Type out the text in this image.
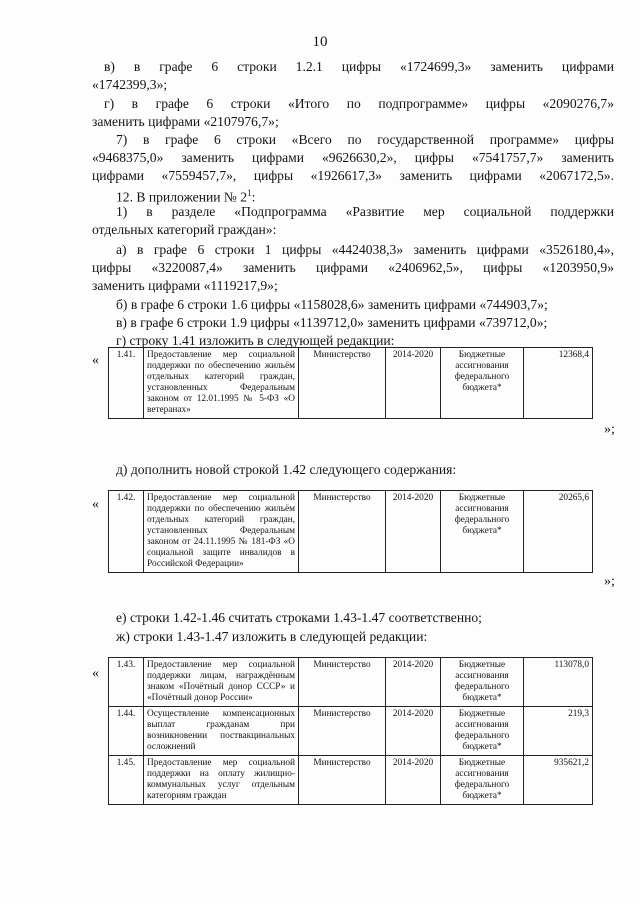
10

в) в графе 6 строки 1.2.1 цифры «1724699,3» заменить цифрами

«1742399,3»;

г) в графе 6 строки «Итого по подпрограмме» цифры «2090276,7»

заменить цифрами «2107976,7»;

7) в графе 6 строки «Всего по государственной программе» цифры

«9468375,0» заменить цифрами «9626630,2», цифры «7541757,7» заменить

цифрами «7559457,7», цифры «1926617,3» заменить цифрами «2067172,5».

12. В приложении № $2^1$:

1) в разделе «Подпрограмма «Развитие мер социальной поддержки

отдельных категорий граждан»:

а) в графе 6 строки 1 цифры «4424038,3» заменить цифрами «3526180,4»,

цифры «3220087,4» заменить цифрами «2406962,5», цифры «1203950,9»

заменить цифрами «1119217,9»;

б) в графе 6 строки 1.6 цифры «1158028,6» заменить цифрами «744903,7»;

в) в графе 6 строки 1.9 цифры «1139712,0» заменить цифрами «739712,0»;

г) строку 1.41 изложить в следующей редакции:

« 1.41.	Предоставление мер социальной поддержки по обеспечению жильём отдельных категорий граждан, установленных Федеральным законом от 12.01.1995 № 5-ФЗ «О ветеранах»	Министерство	2014-2020	Бюджетные ассигнования федерального бюджета*	12368,4
»;

д) дополнить новой строкой 1.42 следующего содержания:

« 1.42.	Предоставление мер социальной поддержки по обеспечению жильём отдельных категорий граждан, установленных Федеральным законом от 24.11.1995 № 181-ФЗ «О социальной защите инвалидов в Российской Федерации»	Министерство	2014-2020	Бюджетные ассигнования федерального бюджета*	20265,6
»;

е) строки 1.42-1.46 считать строками 1.43-1.47 соответственно;

ж) строки 1.43-1.47 изложить в следующей редакции:

«
1.43.	Предоставление мер социальной поддержки лицам, награждённым знаком «Почётный донор СССР» и «Почётный донор России»	Министерство	2014-2020	Бюджетные ассигнования федерального бюджета*	113078,0
1.44.	Осуществление компенсационных выплат гражданам при возникновении поствакцинальных осложнений	Министерство	2014-2020	Бюджетные ассигнования федерального бюджета*	219,3
1.45.	Предоставление мер социальной поддержки на оплату жилищно-коммунальных услуг отдельным категориям граждан	Министерство	2014-2020	Бюджетные ассигнования федерального бюджета*	935621,2
